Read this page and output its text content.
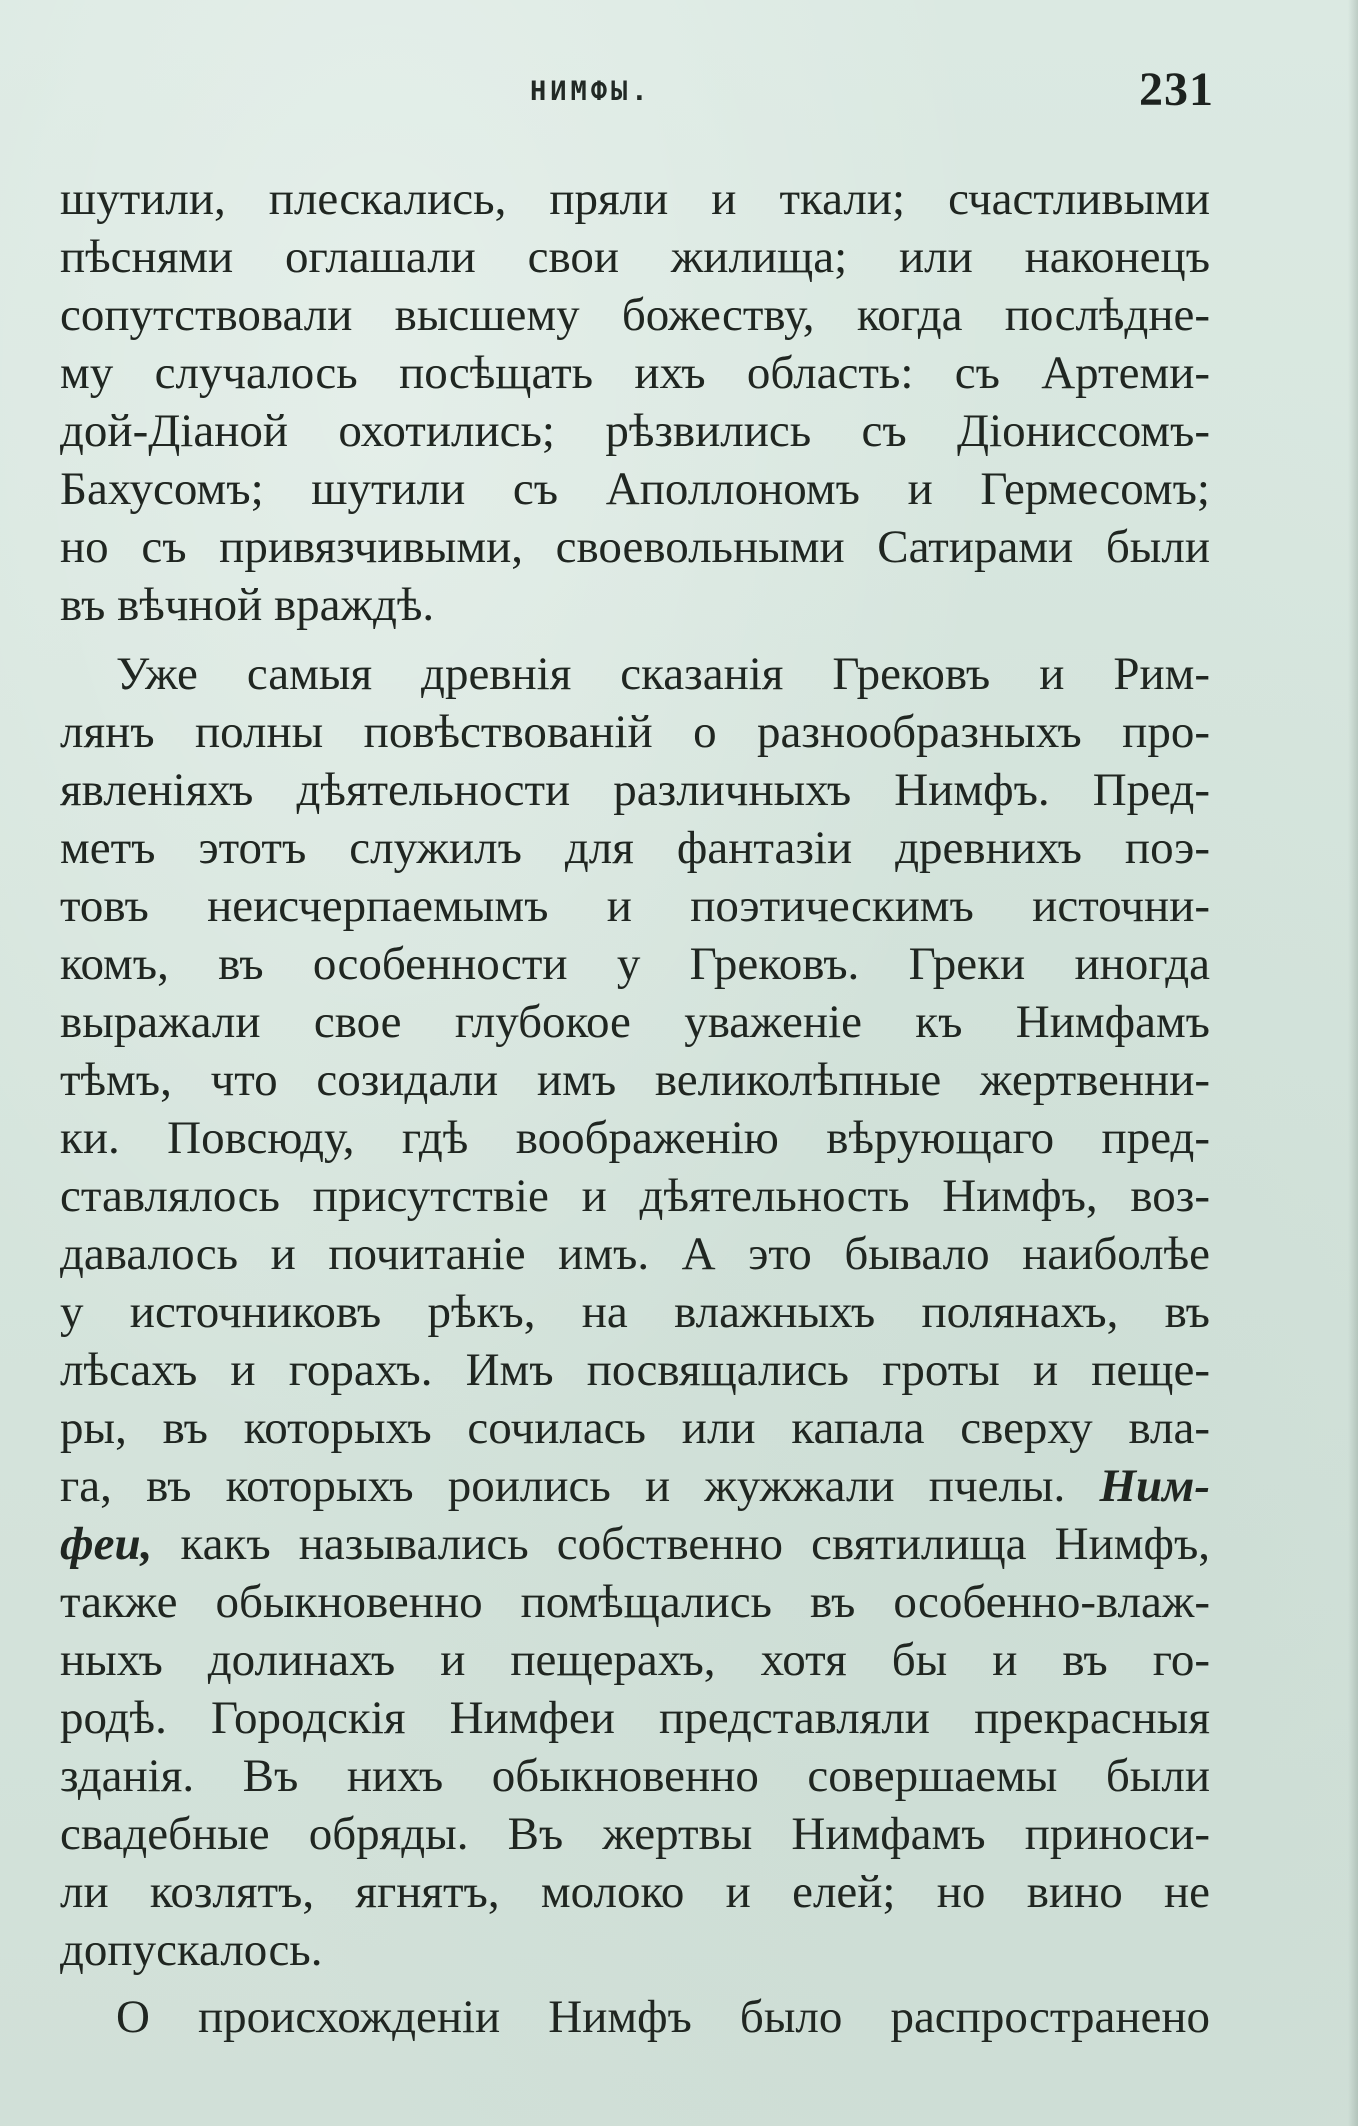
НИМФЫ.	231
шутили, плескались, пряли и ткали; счастливыми
пѣснями оглашали свои жилища; или наконецъ
сопутствовали высшему божеству, когда послѣдне-
му случалось посѣщать ихъ область: съ Артеми-
дой-Діаной охотились; рѣзвились съ Діониссомъ-
Бахусомъ; шутили съ Аполлономъ и Гермесомъ;
но съ привязчивыми, своевольными Сатирами были
въ вѣчной враждѣ.
Уже самыя древнія сказанія Грековъ и Рим-
лянъ полны повѣствованій о разнообразныхъ про-
явленіяхъ дѣятельности различныхъ Нимфъ. Пред-
метъ этотъ служилъ для фантазіи древнихъ поэ-
товъ неисчерпаемымъ и поэтическимъ источни-
комъ, въ особенности у Грековъ. Греки иногда
выражали свое глубокое уваженіе къ Нимфамъ
тѣмъ, что созидали имъ великолѣпные жертвенни-
ки. Повсюду, гдѣ воображенію вѣрующаго пред-
ставлялось присутствіе и дѣятельность Нимфъ, воз-
давалось и почитаніе имъ. А это бывало наиболѣе
у источниковъ рѣкъ, на влажныхъ полянахъ, въ
лѣсахъ и горахъ. Имъ посвящались гроты и пеще-
ры, въ которыхъ сочилась или капала сверху вла-
га, въ которыхъ роились и жужжали пчелы. Ним-
феи, какъ назывались собственно святилища Нимфъ,
также обыкновенно помѣщались въ особенно-влаж-
ныхъ долинахъ и пещерахъ, хотя бы и въ го-
родѣ. Городскія Нимфеи представляли прекрасныя
зданія. Въ нихъ обыкновенно совершаемы были
свадебные обряды. Въ жертвы Нимфамъ приноси-
ли козлятъ, ягнятъ, молоко и елей; но вино не
допускалось.
О происхожденіи Нимфъ было распространено
